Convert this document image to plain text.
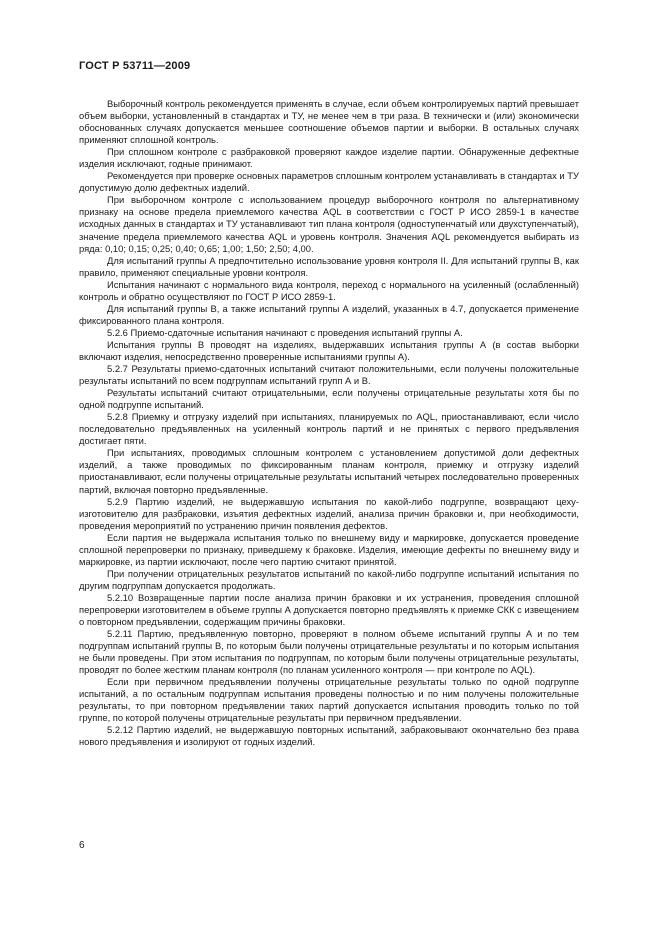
ГОСТ Р 53711—2009

Выборочный контроль рекомендуется применять в случае, если объем контролируемых партий превышает объем выборки, установленный в стандартах и ТУ, не менее чем в три раза. В технически и (или) экономически обоснованных случаях допускается меньшее соотношение объемов партии и выборки. В остальных случаях применяют сплошной контроль.

При сплошном контроле с разбраковкой проверяют каждое изделие партии. Обнаруженные дефектные изделия исключают, годные принимают.

Рекомендуется при проверке основных параметров сплошным контролем устанавливать в стандартах и ТУ допустимую долю дефектных изделий.

При выборочном контроле с использованием процедур выборочного контроля по альтернативному признаку на основе предела приемлемого качества AQL в соответствии с ГОСТ Р ИСО 2859-1 в качестве исходных данных в стандартах и ТУ устанавливают тип плана контроля (одноступенчатый или двухступенчатый), значение предела приемлемого качества AQL и уровень контроля. Значения AQL рекомендуется выбирать из ряда: 0,10; 0,15; 0,25; 0,40; 0,65; 1,00; 1,50; 2,50; 4,00.

Для испытаний группы А предпочтительно использование уровня контроля II. Для испытаний группы В, как правило, применяют специальные уровни контроля.

Испытания начинают с нормального вида контроля, переход с нормального на усиленный (ослабленный) контроль и обратно осуществляют по ГОСТ Р ИСО 2859-1.

Для испытаний группы В, а также испытаний группы А изделий, указанных в 4.7, допускается применение фиксированного плана контроля.

5.2.6 Приемо-сдаточные испытания начинают с проведения испытаний группы А.

Испытания группы В проводят на изделиях, выдержавших испытания группы А (в состав выборки включают изделия, непосредственно проверенные испытаниями группы А).

5.2.7 Результаты приемо-сдаточных испытаний считают положительными, если получены положительные результаты испытаний по всем подгруппам испытаний групп А и В.

Результаты испытаний считают отрицательными, если получены отрицательные результаты хотя бы по одной подгруппе испытаний.

5.2.8 Приемку и отгрузку изделий при испытаниях, планируемых по AQL, приостанавливают, если число последовательно предъявленных на усиленный контроль партий и не принятых с первого предъявления достигает пяти.

При испытаниях, проводимых сплошным контролем с установлением допустимой доли дефектных изделий, а также проводимых по фиксированным планам контроля, приемку и отгрузку изделий приостанавливают, если получены отрицательные результаты испытаний четырех последовательно проверенных партий, включая повторно предъявленные.

5.2.9 Партию изделий, не выдержавшую испытания по какой-либо подгруппе, возвращают цеху-изготовителю для разбраковки, изъятия дефектных изделий, анализа причин браковки и, при необходимости, проведения мероприятий по устранению причин появления дефектов.

Если партия не выдержала испытания только по внешнему виду и маркировке, допускается проведение сплошной перепроверки по признаку, приведшему к браковке. Изделия, имеющие дефекты по внешнему виду и маркировке, из партии исключают, после чего партию считают принятой.

При получении отрицательных результатов испытаний по какой-либо подгруппе испытаний испытания по другим подгруппам допускается продолжать.

5.2.10 Возвращенные партии после анализа причин браковки и их устранения, проведения сплошной перепроверки изготовителем в объеме группы А допускается повторно предъявлять к приемке СКК с извещением о повторном предъявлении, содержащим причины браковки.

5.2.11 Партию, предъявленную повторно, проверяют в полном объеме испытаний группы А и по тем подгруппам испытаний группы В, по которым были получены отрицательные результаты и по которым испытания не были проведены. При этом испытания по подгруппам, по которым были получены отрицательные результаты, проводят по более жестким планам контроля (по планам усиленного контроля — при контроле по AQL).

Если при первичном предъявлении получены отрицательные результаты только по одной подгруппе испытаний, а по остальным подгруппам испытания проведены полностью и по ним получены положительные результаты, то при повторном предъявлении таких партий допускается испытания проводить только по той группе, по которой получены отрицательные результаты при первичном предъявлении.

5.2.12 Партию изделий, не выдержавшую повторных испытаний, забраковывают окончательно без права нового предъявления и изолируют от годных изделий.

6
